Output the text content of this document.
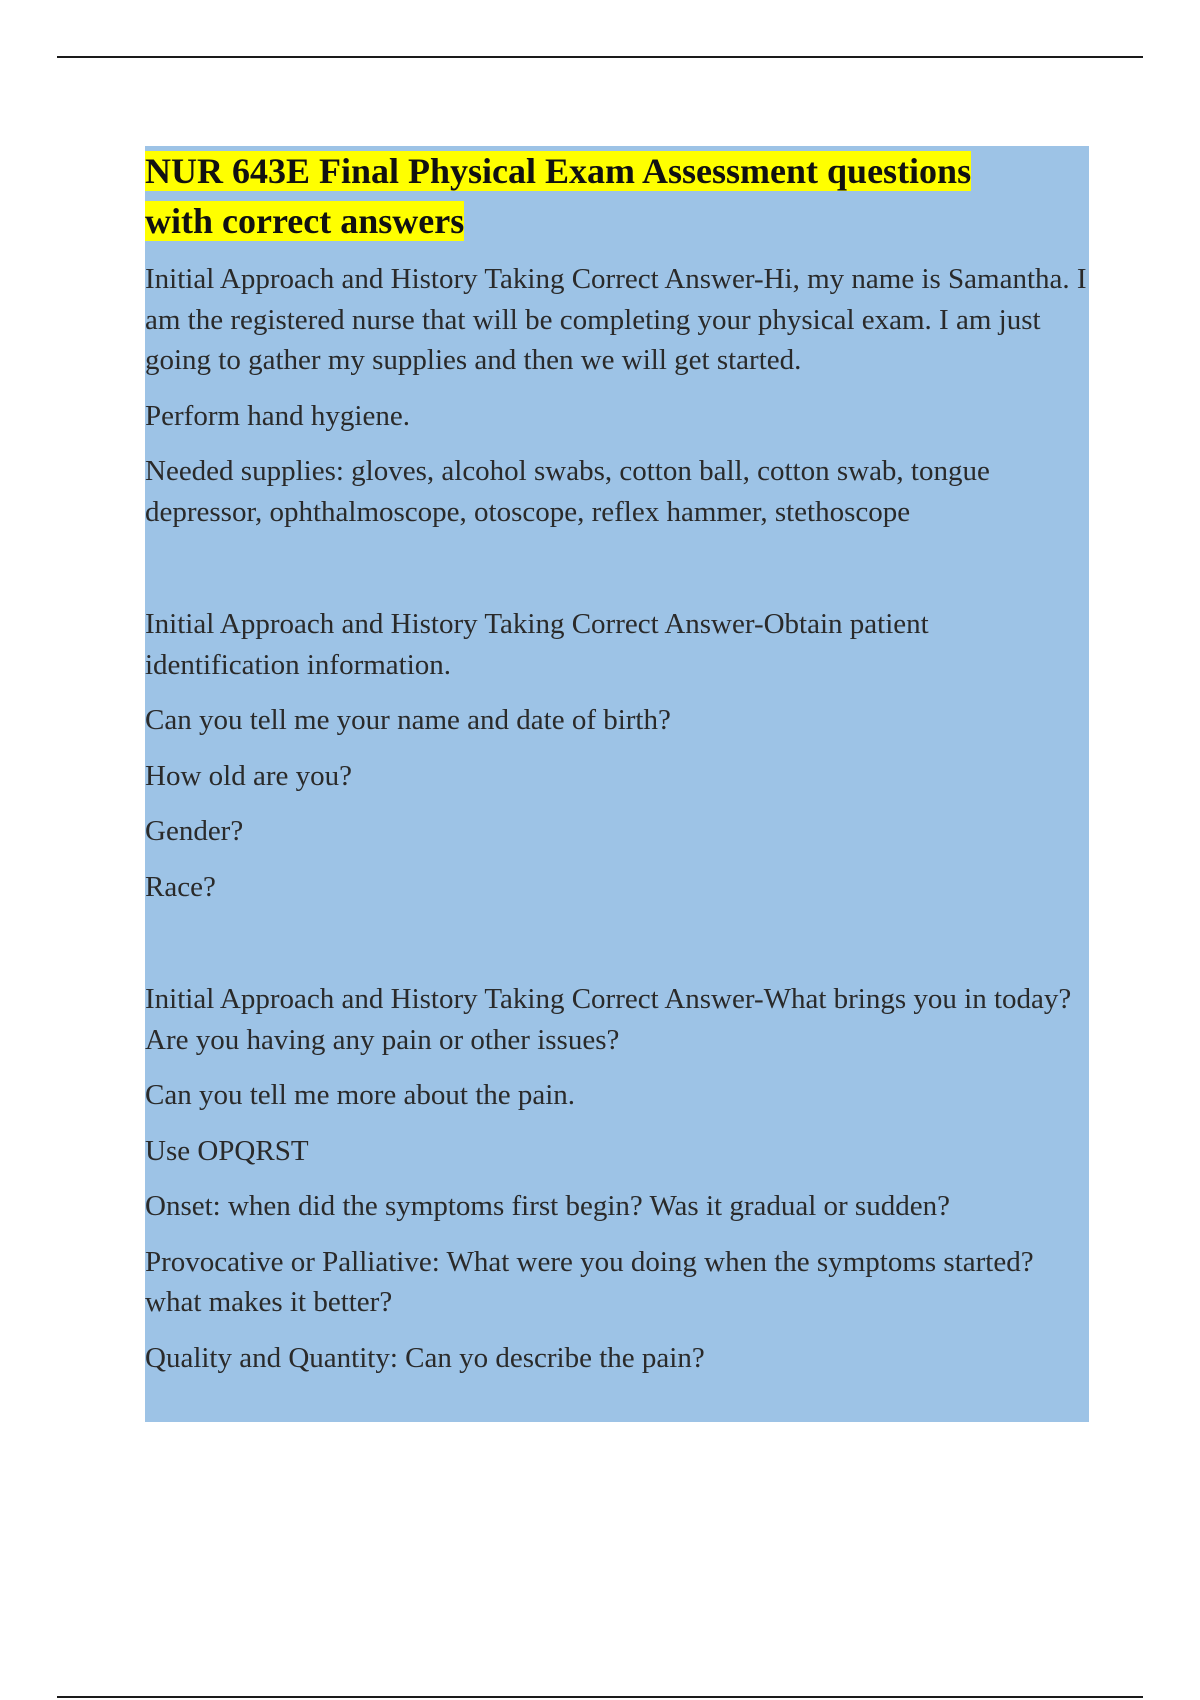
NUR 643E Final Physical Exam Assessment questions
with correct answers

Initial Approach and History Taking Correct Answer-Hi, my name is Samantha. I am the registered nurse that will be completing your physical exam. I am just going to gather my supplies and then we will get started.

Perform hand hygiene.

Needed supplies: gloves, alcohol swabs, cotton ball, cotton swab, tongue depressor, ophthalmoscope, otoscope, reflex hammer, stethoscope

Initial Approach and History Taking Correct Answer-Obtain patient identification information.

Can you tell me your name and date of birth?

How old are you?

Gender?

Race?

Initial Approach and History Taking Correct Answer-What brings you in today? Are you having any pain or other issues?

Can you tell me more about the pain.

Use OPQRST

Onset: when did the symptoms first begin? Was it gradual or sudden?

Provocative or Palliative: What were you doing when the symptoms started? what makes it better?

Quality and Quantity: Can yo describe the pain?
